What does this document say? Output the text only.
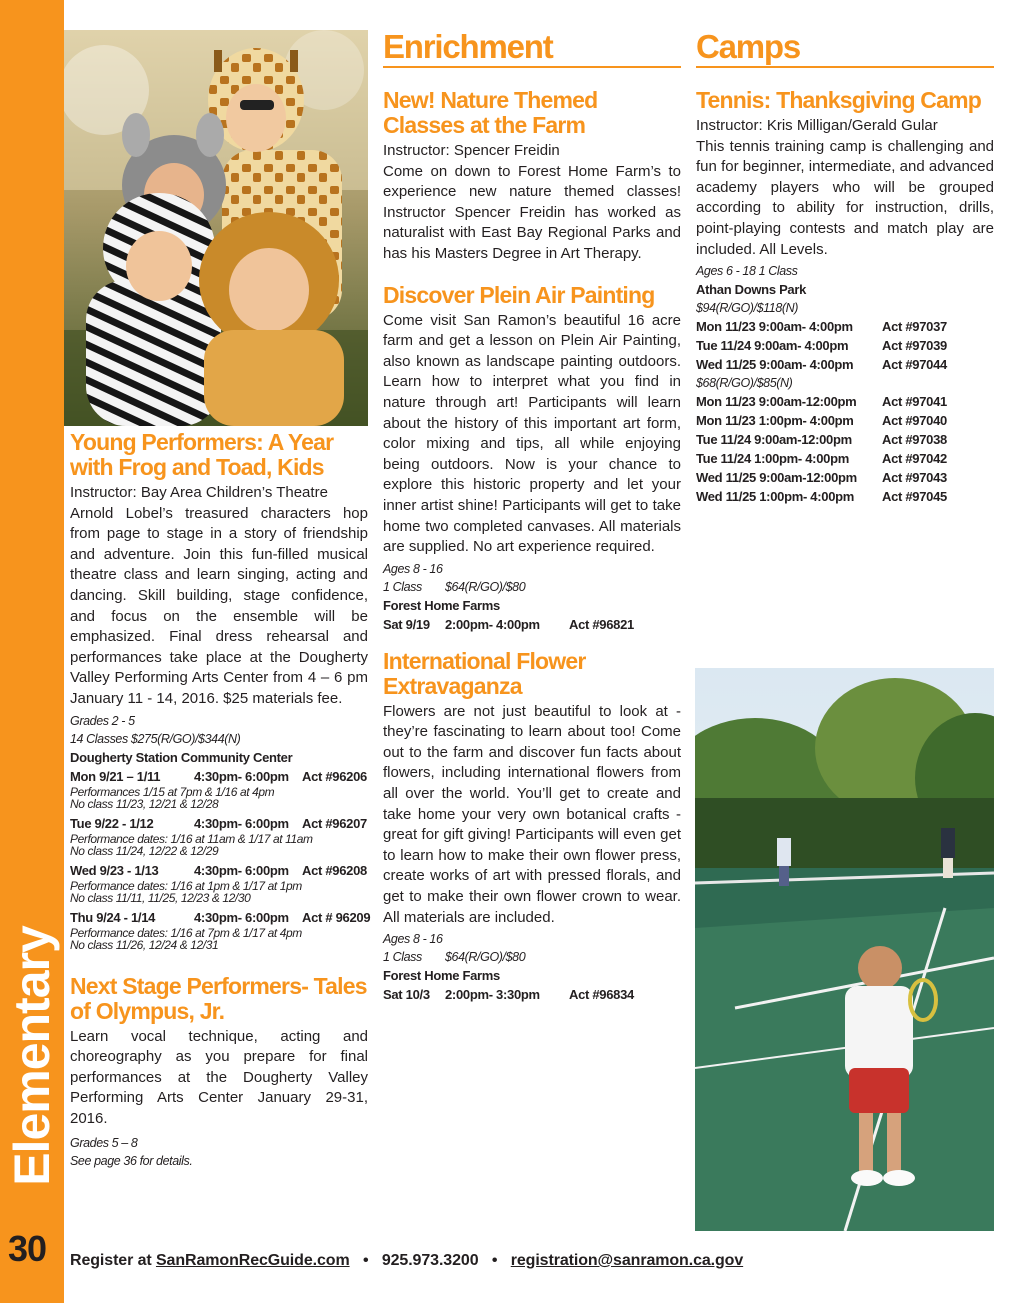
Elementary
30
Young Performers: A Year with Frog and Toad, Kids
Instructor: Bay Area Children’s Theatre
Arnold Lobel’s treasured characters hop from page to stage in a story of friendship and adventure. Join this fun-filled musical theatre class and learn singing, acting and dancing. Skill building, stage confidence, and focus on the ensemble will be emphasized. Final dress rehearsal and performances take place at the Dougherty Valley Performing Arts Center from 4 – 6 pm January 11 - 14, 2016. $25 materials fee.
Grades 2 - 5
14 Classes $275(R/GO)/$344(N)
Dougherty Station Community Center
Mon 9/21 – 1/11	4:30pm- 6:00pm Act #96206
Performances 1/15 at 7pm & 1/16 at 4pm
No class 11/23, 12/21 & 12/28
Tue 9/22 - 1/12	4:30pm- 6:00pm Act #96207
Performance dates: 1/16 at 11am & 1/17 at 11am
No class 11/24, 12/22 & 12/29
Wed 9/23 - 1/13	4:30pm- 6:00pm Act #96208
Performance dates: 1/16 at 1pm & 1/17 at 1pm
No class 11/11, 11/25, 12/23 & 12/30
Thu 9/24 - 1/14	4:30pm- 6:00pm Act # 96209
Performance dates: 1/16 at 7pm & 1/17 at 4pm
No class 11/26, 12/24 & 12/31
Next Stage Performers- Tales of Olympus, Jr.
Learn vocal technique, acting and choreography as you prepare for final performances at the Dougherty Valley Performing Arts Center January 29-31, 2016.
Grades 5 – 8
See page 36 for details.
Enrichment
New! Nature Themed Classes at the Farm
Instructor: Spencer Freidin
Come on down to Forest Home Farm’s to experience new nature themed classes! Instructor Spencer Freidin has worked as naturalist with East Bay Regional Parks and has his Masters Degree in Art Therapy.
Discover Plein Air Painting
Come visit San Ramon’s beautiful 16 acre farm and get a lesson on Plein Air Painting, also known as landscape painting outdoors. Learn how to interpret what you find in nature through art! Participants will learn about the history of this important art form, color mixing and tips, all while enjoying being outdoors. Now is your chance to explore this historic property and let your inner artist shine! Participants will get to take home two completed canvases. All materials are supplied. No art experience required.
Ages 8 - 16
1 Class $64(R/GO)/$80
Forest Home Farms
Sat 9/19 2:00pm- 4:00pm Act #96821
International Flower Extravaganza
Flowers are not just beautiful to look at - they’re fascinating to learn about too! Come out to the farm and discover fun facts about flowers, including international flowers from all over the world. You’ll get to create and take home your very own botanical crafts - great for gift giving! Participants will even get to learn how to make their own flower press, create works of art with pressed florals, and get to make their own flower crown to wear. All materials are included.
Ages 8 - 16
1 Class $64(R/GO)/$80
Forest Home Farms
Sat 10/3 2:00pm- 3:30pm Act #96834
Camps
Tennis: Thanksgiving Camp
Instructor: Kris Milligan/Gerald Gular
This tennis training camp is challenging and fun for beginner, intermediate, and advanced academy players who will be grouped according to ability for instruction, drills, point-playing contests and match play are included. All Levels.
Ages 6 - 18 1 Class
Athan Downs Park
$94(R/GO)/$118(N)
Mon 11/23 9:00am- 4:00pm Act #97037
Tue 11/24 9:00am- 4:00pm	Act #97039
Wed 11/25 9:00am- 4:00pm Act #97044
$68(R/GO)/$85(N)
Mon 11/23 9:00am-12:00pm Act #97041
Mon 11/23 1:00pm- 4:00pm Act #97040
Tue 11/24 9:00am-12:00pm Act #97038
Tue 11/24 1:00pm- 4:00pm	Act #97042
Wed 11/25 9:00am-12:00pm Act #97043
Wed 11/25 1:00pm- 4:00pm Act #97045
Register at SanRamonRecGuide.com • 925.973.3200 • registration@sanramon.ca.gov
